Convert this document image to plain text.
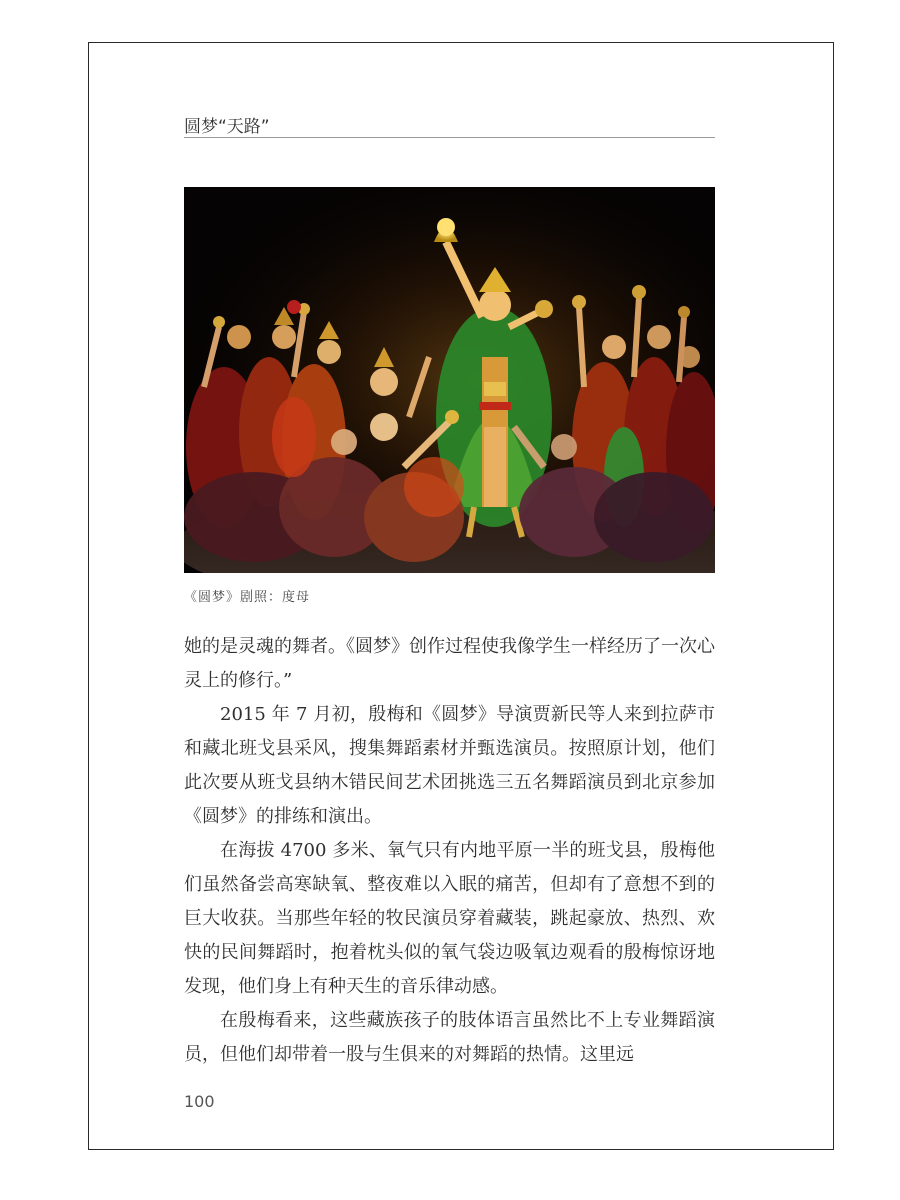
圆梦“天路”
《圆梦》剧照：度母

她的是灵魂的舞者。《圆梦》创作过程使我像学生一样经历了一次心灵上的修行。”

2015 年 7 月初，殷梅和《圆梦》导演贾新民等人来到拉萨市和藏北班戈县采风，搜集舞蹈素材并甄选演员。按照原计划，他们此次要从班戈县纳木错民间艺术团挑选三五名舞蹈演员到北京参加《圆梦》的排练和演出。

在海拔 4700 多米、氧气只有内地平原一半的班戈县，殷梅他们虽然备尝高寒缺氧、整夜难以入眠的痛苦，但却有了意想不到的巨大收获。当那些年轻的牧民演员穿着藏装，跳起豪放、热烈、欢快的民间舞蹈时，抱着枕头似的氧气袋边吸氧边观看的殷梅惊讶地发现，他们身上有种天生的音乐律动感。

在殷梅看来，这些藏族孩子的肢体语言虽然比不上专业舞蹈演员，但他们却带着一股与生俱来的对舞蹈的热情。这里远

100
